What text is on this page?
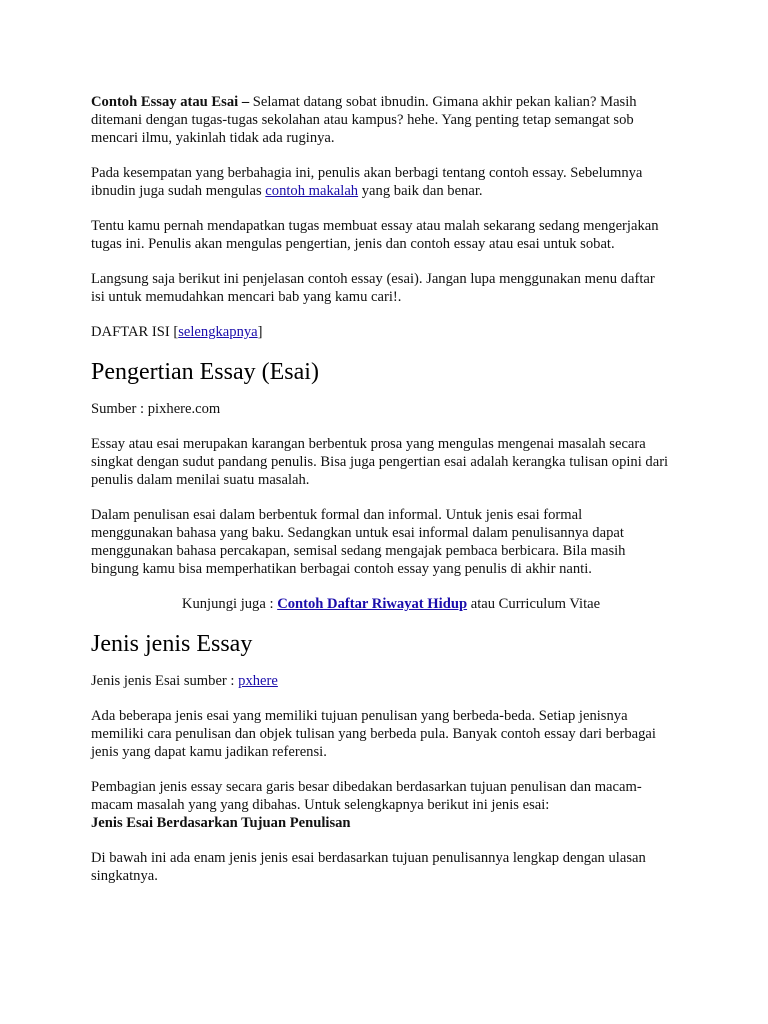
Contoh Essay atau Esai – Selamat datang sobat ibnudin. Gimana akhir pekan kalian? Masih ditemani dengan tugas-tugas sekolahan atau kampus? hehe. Yang penting tetap semangat sob mencari ilmu, yakinlah tidak ada ruginya.

Pada kesempatan yang berbahagia ini, penulis akan berbagi tentang contoh essay. Sebelumnya ibnudin juga sudah mengulas contoh makalah yang baik dan benar.

Tentu kamu pernah mendapatkan tugas membuat essay atau malah sekarang sedang mengerjakan tugas ini. Penulis akan mengulas pengertian, jenis dan contoh essay atau esai untuk sobat.

Langsung saja berikut ini penjelasan contoh essay (esai). Jangan lupa menggunakan menu daftar isi untuk memudahkan mencari bab yang kamu cari!.

DAFTAR ISI [selengkapnya]

Pengertian Essay (Esai)

Sumber : pixhere.com

Essay atau esai merupakan karangan berbentuk prosa yang mengulas mengenai masalah secara singkat dengan sudut pandang penulis. Bisa juga pengertian esai adalah kerangka tulisan opini dari penulis dalam menilai suatu masalah.

Dalam penulisan esai dalam berbentuk formal dan informal. Untuk jenis esai formal menggunakan bahasa yang baku. Sedangkan untuk esai informal dalam penulisannya dapat menggunakan bahasa percakapan, semisal sedang mengajak pembaca berbicara. Bila masih bingung kamu bisa memperhatikan berbagai contoh essay yang penulis di akhir nanti.

Kunjungi juga : Contoh Daftar Riwayat Hidup atau Curriculum Vitae

Jenis jenis Essay

Jenis jenis Esai sumber : pxhere

Ada beberapa jenis esai yang memiliki tujuan penulisan yang berbeda-beda. Setiap jenisnya memiliki cara penulisan dan objek tulisan yang berbeda pula. Banyak contoh essay dari berbagai jenis yang dapat kamu jadikan referensi.

Pembagian jenis essay secara garis besar dibedakan berdasarkan tujuan penulisan dan macam-macam masalah yang yang dibahas. Untuk selengkapnya berikut ini jenis esai:

Jenis Esai Berdasarkan Tujuan Penulisan

Di bawah ini ada enam jenis jenis esai berdasarkan tujuan penulisannya lengkap dengan ulasan singkatnya.
